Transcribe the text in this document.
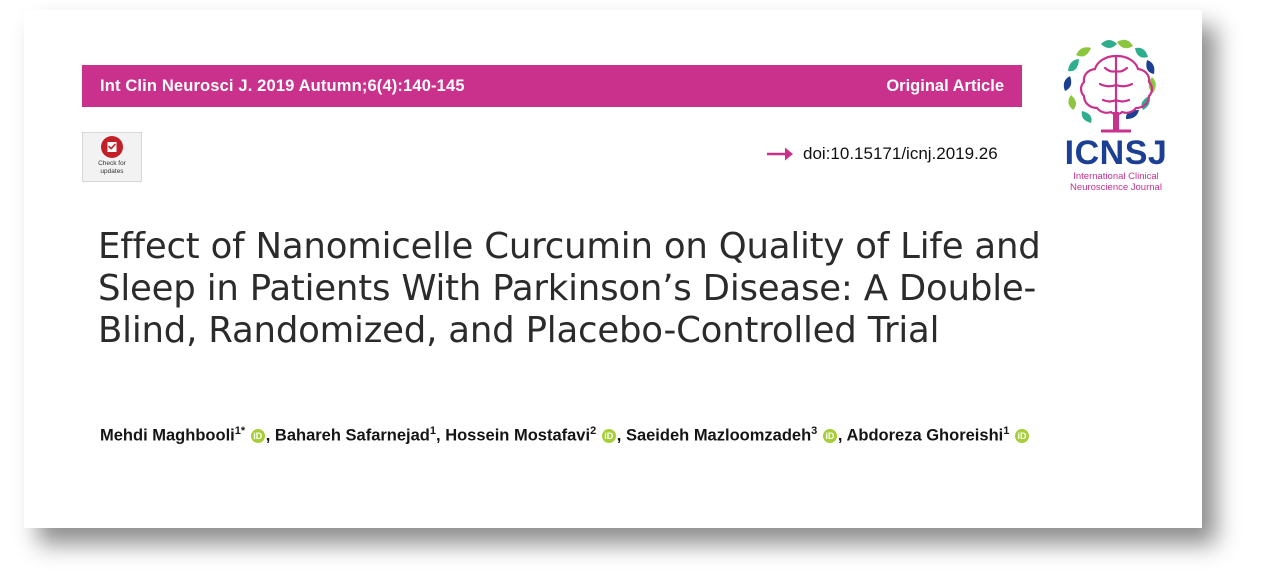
Int Clin Neurosci J. 2019 Autumn;6(4):140-145	Original Article
Check for
updates
doi:10.15171/icnj.2019.26 ICNSJ
International Clinical
Neuroscience Journal
Effect of Nanomicelle Curcumin on Quality of Life and Sleep in Patients With Parkinson’s Disease: A Double-Blind, Randomized, and Placebo-Controlled Trial
Mehdi Maghbooli$^{1*}$ iD , Bahareh Safarnejad$^1$, Hossein Mostafavi$^2$ iD , Saeideh Mazloomzadeh$^3$ iD , Abdoreza Ghoreishi$^1$ iD
